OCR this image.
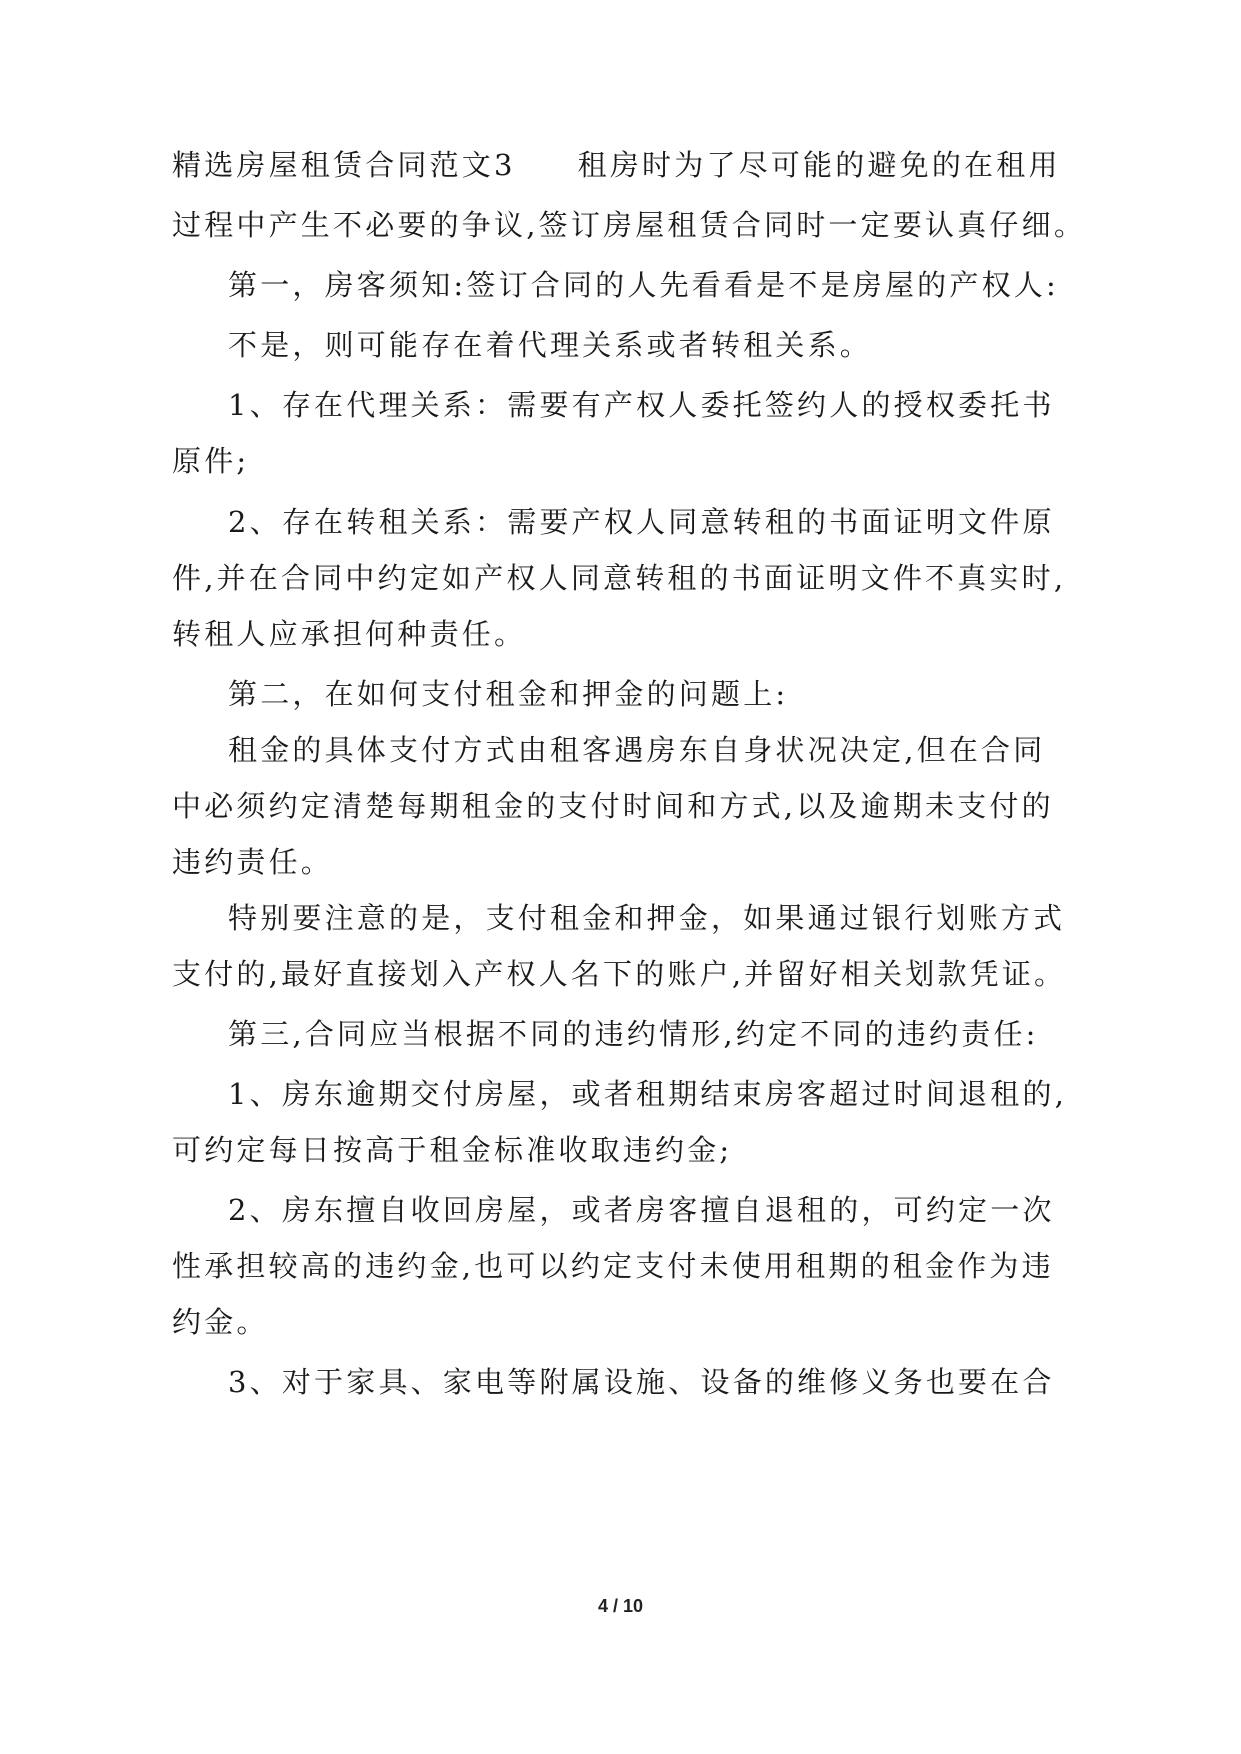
精选房屋租赁合同范文3 租房时为了尽可能的避免的在租用
过程中产生不必要的争议,签订房屋租赁合同时一定要认真仔细。
第一，房客须知:签订合同的人先看看是不是房屋的产权人:
不是，则可能存在着代理关系或者转租关系。
1、存在代理关系：需要有产权人委托签约人的授权委托书
原件;
2、存在转租关系：需要产权人同意转租的书面证明文件原
件,并在合同中约定如产权人同意转租的书面证明文件不真实时,
转租人应承担何种责任。
第二，在如何支付租金和押金的问题上:
租金的具体支付方式由租客遇房东自身状况决定,但在合同
中必须约定清楚每期租金的支付时间和方式,以及逾期未支付的
违约责任。
特别要注意的是，支付租金和押金，如果通过银行划账方式
支付的,最好直接划入产权人名下的账户,并留好相关划款凭证。
第三,合同应当根据不同的违约情形,约定不同的违约责任:
1、房东逾期交付房屋，或者租期结束房客超过时间退租的,
可约定每日按高于租金标准收取违约金;
2、房东擅自收回房屋，或者房客擅自退租的，可约定一次
性承担较高的违约金,也可以约定支付未使用租期的租金作为违
约金。
3、对于家具、家电等附属设施、设备的维修义务也要在合
4 / 10
